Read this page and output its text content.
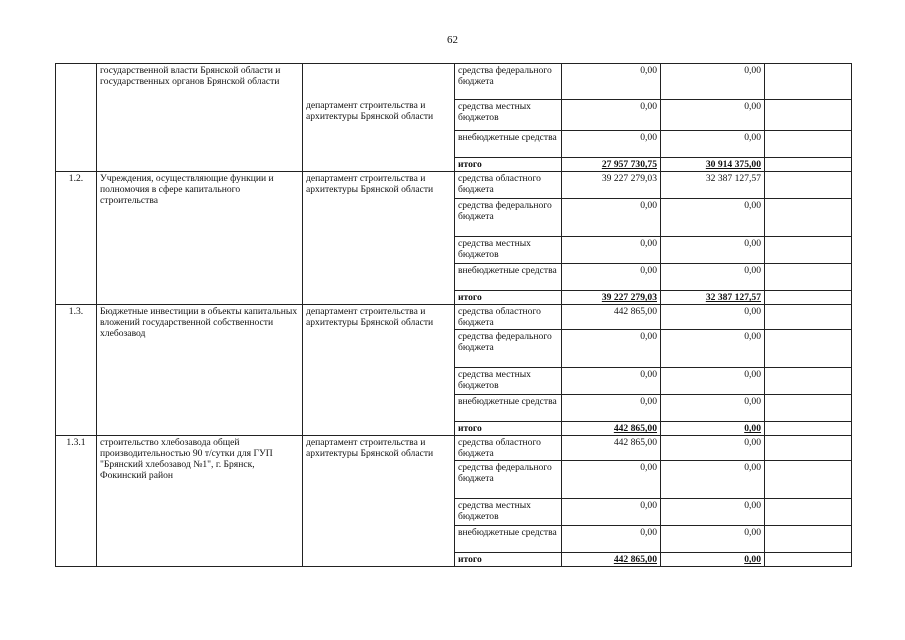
62
	государственной власти Брянской области и государственных органов Брянской области	департамент строительства и архитектуры Брянской области	средства федерального бюджета	0,00	0,00	
			средства местных бюджетов	0,00	0,00	
			внебюджетные средства	0,00	0,00	
			итого	27 957 730,75	30 914 375,00	
1.2.	Учреждения, осуществляющие функции и полномочия в сфере капитального строительства	департамент строительства и архитектуры Брянской области	средства областного бюджета	39 227 279,03	32 387 127,57	
			средства федерального бюджета	0,00	0,00	
			средства местных бюджетов	0,00	0,00	
			внебюджетные средства	0,00	0,00	
			итого	39 227 279,03	32 387 127,57	
1.3.	Бюджетные инвестиции в объекты капитальных вложений государственной собственности хлебозавод	департамент строительства и архитектуры Брянской области	средства областного бюджета	442 865,00	0,00	
			средства федерального бюджета	0,00	0,00	
			средства местных бюджетов	0,00	0,00	
			внебюджетные средства	0,00	0,00	
			итого	442 865,00	0,00	
1.3.1	строительство хлебозавода общей производительностью 90 т/сутки для ГУП "Брянский хлебозавод №1", г. Брянск, Фокинский район	департамент строительства и архитектуры Брянской области	средства областного бюджета	442 865,00	0,00	
			средства федерального бюджета	0,00	0,00	
			средства местных бюджетов	0,00	0,00	
			внебюджетные средства	0,00	0,00	
			итого	442 865,00	0,00	
